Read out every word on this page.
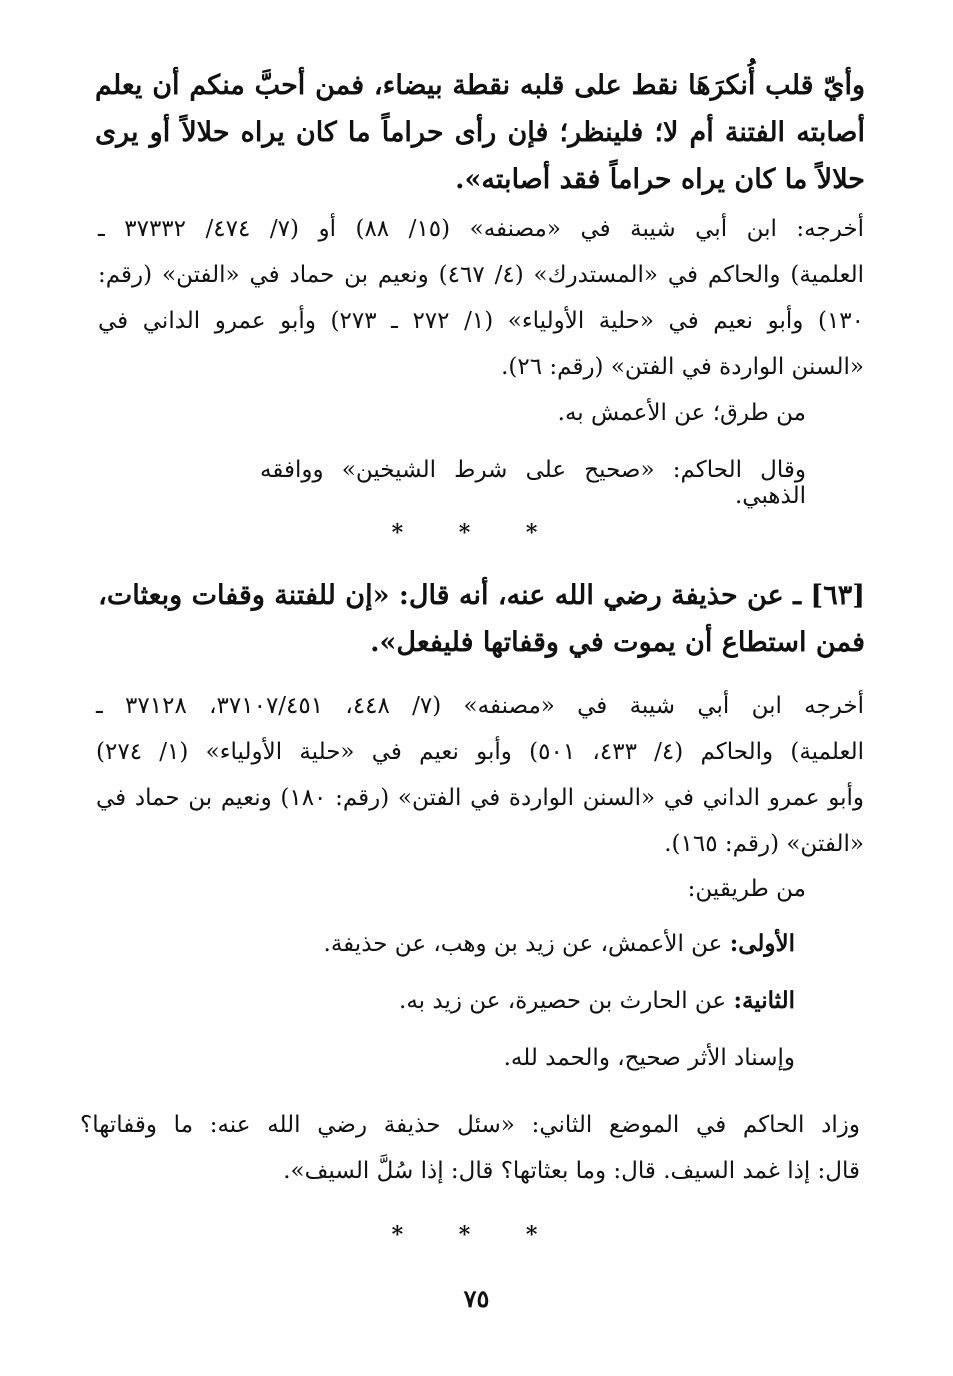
وأيّ قلب أُنكرَهَا نقط على قلبه نقطة بيضاء، فمن أحبَّ منكم أن يعلم
أصابته الفتنة أم لا؛ فلينظر؛ فإن رأى حراماً ما كان يراه حلالاً أو يرى
حلالاً ما كان يراه حراماً فقد أصابته».
أخرجه: ابن أبي شيبة في «مصنفه» (١٥/ ٨٨) أو (٧/ ٤٧٤/ ٣٧٣٣٢ ـ
العلمية) والحاكم في «المستدرك» (٤/ ٤٦٧) ونعيم بن حماد في «الفتن» (رقم:
١٣٠) وأبو نعيم في «حلية الأولياء» (١/ ٢٧٢ ـ ٢٧٣) وأبو عمرو الداني في
«السنن الواردة في الفتن» (رقم: ٢٦).
من طرق؛ عن الأعمش به.
وقال الحاكم: «صحيح على شرط الشيخين» ووافقه الذهبي.
* * *
[٦٣] ـ عن حذيفة رضي الله عنه، أنه قال: «إن للفتنة وقفات وبعثات،
فمن استطاع أن يموت في وقفاتها فليفعل».
أخرجه ابن أبي شيبة في «مصنفه» (٧/ ٤٤٨، ٣٧١٠٧/٤٥١، ٣٧١٢٨ ـ
العلمية) والحاكم (٤/ ٤٣٣، ٥٠١) وأبو نعيم في «حلية الأولياء» (١/ ٢٧٤)
وأبو عمرو الداني في «السنن الواردة في الفتن» (رقم: ١٨٠) ونعيم بن حماد في
«الفتن» (رقم: ١٦٥).
من طريقين:
الأولى: عن الأعمش، عن زيد بن وهب، عن حذيفة.
الثانية: عن الحارث بن حصيرة، عن زيد به.
وإسناد الأثر صحيح، والحمد لله.
وزاد الحاكم في الموضع الثاني: «سئل حذيفة رضي الله عنه: ما وقفاتها؟
قال: إذا غمد السيف. قال: وما بعثاتها؟ قال: إذا سُلَّ السيف».
* * *
٧٥
